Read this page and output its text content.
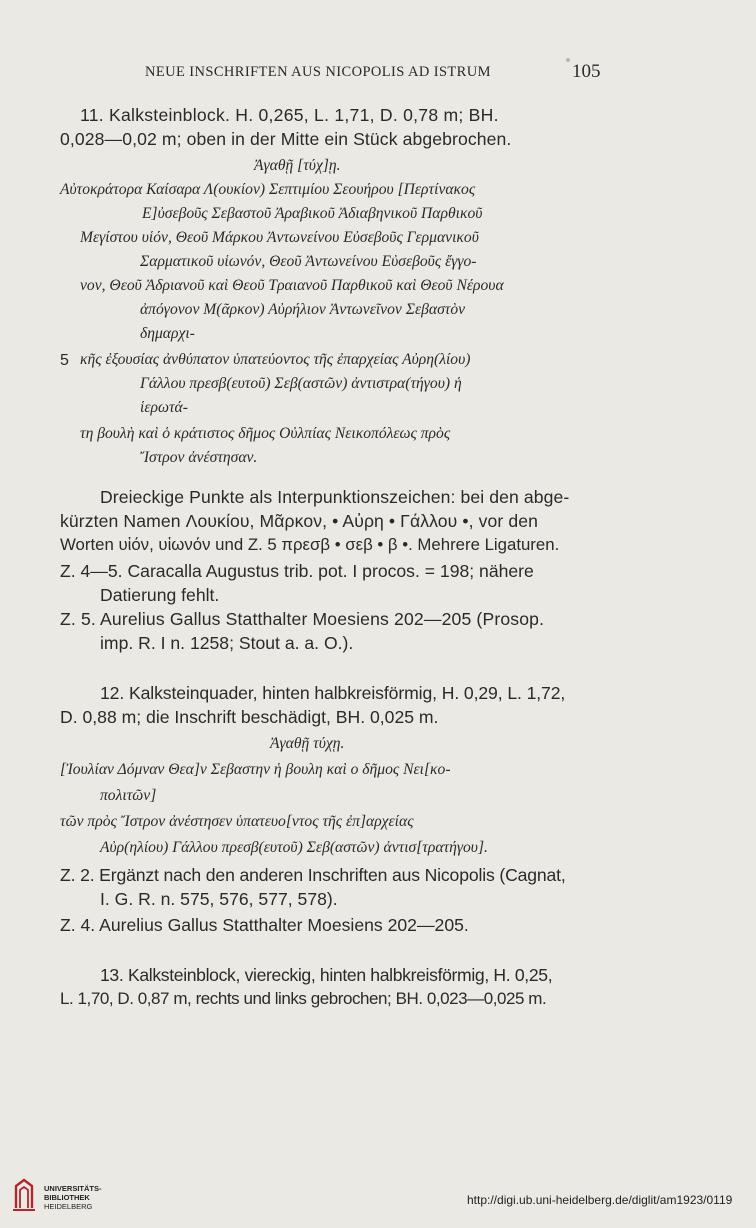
NEUE INSCHRIFTEN AUS NICOPOLIS AD ISTRUM	105
11. Kalksteinblock. H. 0,265, L. 1,71, D. 0,78 m; BH.
0,028—0,02 m; oben in der Mitte ein Stück abgebrochen.
Ἀγαθῇ [τύχ]ῃ.
Αὐτοκράτορα Καίσαρα Λ(ουκίον) Σεπτιμίου Σεουήρου [Περτίνακος
Ε]ὐσεβοῦς Σεβαστοῦ Ἀραβικοῦ Ἀδιαβηνικοῦ Παρθικοῦ
Μεγίστου υἱόν, Θεοῦ Μάρκου Ἀντωνείνου Εὐσεβοῦς Γερμανικοῦ
Σαρματικοῦ υἱωνόν, Θεοῦ Ἀντωνείνου Εὐσεβοῦς ἔγγο-
νον, Θεοῦ Ἀδριανοῦ καὶ Θεοῦ Τραιανοῦ Παρθικοῦ καὶ Θεοῦ Νέρουα
ἀπόγονον Μ(ᾶρκον) Αὐρήλιον Ἀντωνεῖνον Σεβαστὸν
δημαρχι-
5 κῆς ἐξουσίας ἀνθύπατον ὑπατεύοντος τῆς ἐπαρχείας Αὐρη(λίου)
Γάλλου πρεσβ(ευτοῦ) Σεβ(αστῶν) ἀντιστρα(τήγου) ἡ
ἱερωτά-
τη βουλὴ καὶ ὁ κράτιστος δῆμος Οὐλπίας Νεικοπόλεως πρὸς
Ἴστρον ἀνέστησαν.
Dreieckige Punkte als Interpunktionszeichen: bei den abge-
kürzten Namen Λουκίου, Μᾶρκον, • Αὐρη • Γάλλου •, vor den
Worten υἱόν, υἱωνόν und Z. 5 πρεσβ • σεβ • β •. Mehrere Ligaturen.
Z. 4—5. Caracalla Augustus trib. pot. I procos. = 198; nähere
Datierung fehlt.
Z. 5. Aurelius Gallus Statthalter Moesiens 202—205 (Prosop.
imp. R. I n. 1258; Stout a. a. O.).
12. Kalksteinquader, hinten halbkreisförmig, H. 0,29, L. 1,72,
D. 0,88 m; die Inschrift beschädigt, BH. 0,025 m.
Ἀγαθῇ τύχῃ.
[Ἰουλίαν Δόμναν Θεα]ν Σεβαστην ἡ βουλη καὶ ο δῆμος Νει[κο-
πολιτῶν]
τῶν πρὸς Ἴστρον ἀνέστησεν ὑπατευο[ντος τῆς ἐπ]αρχείας
Αὐρ(ηλίου) Γάλλου πρεσβ(ευτοῦ) Σεβ(αστῶν) ἀντισ[τρατήγου].
Z. 2. Ergänzt nach den anderen Inschriften aus Nicopolis (Cagnat,
I. G. R. n. 575, 576, 577, 578).
Z. 4. Aurelius Gallus Statthalter Moesiens 202—205.
13. Kalksteinblock, viereckig, hinten halbkreisförmig, H. 0,25,
L. 1,70, D. 0,87 m, rechts und links gebrochen; BH. 0,023—0,025 m.
UNIVERSITÄTS-
BIBLIOTHEK
HEIDELBERG	http://digi.ub.uni-heidelberg.de/diglit/am1923/0119
